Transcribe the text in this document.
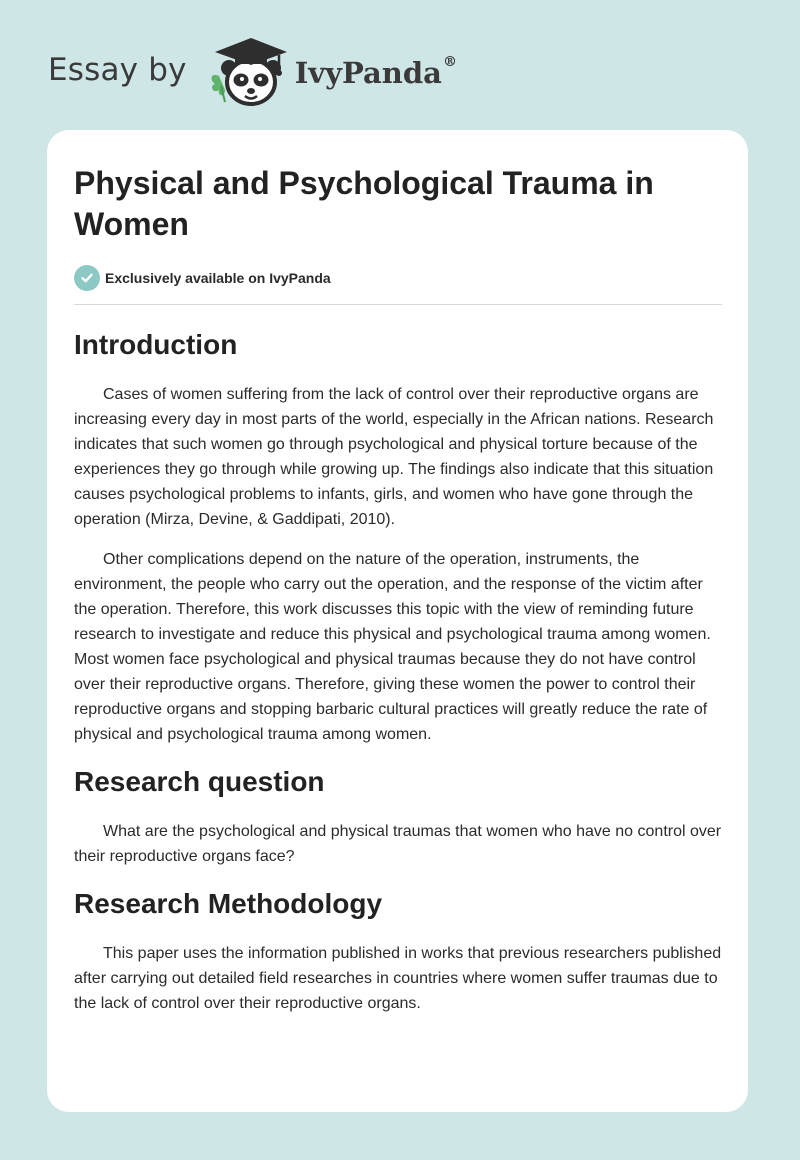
Essay by	IvyPanda®
Physical and Psychological Trauma in Women
Exclusively available on IvyPanda
Introduction

Cases of women suffering from the lack of control over their reproductive organs are increasing every day in most parts of the world, especially in the African nations. Research indicates that such women go through psychological and physical torture because of the experiences they go through while growing up. The findings also indicate that this situation causes psychological problems to infants, girls, and women who have gone through the operation (Mirza, Devine, & Gaddipati, 2010).

Other complications depend on the nature of the operation, instruments, the environment, the people who carry out the operation, and the response of the victim after the operation. Therefore, this work discusses this topic with the view of reminding future research to investigate and reduce this physical and psychological trauma among women. Most women face psychological and physical traumas because they do not have control over their reproductive organs. Therefore, giving these women the power to control their reproductive organs and stopping barbaric cultural practices will greatly reduce the rate of physical and psychological trauma among women.

Research question

What are the psychological and physical traumas that women who have no control over their reproductive organs face?

Research Methodology

This paper uses the information published in works that previous researchers published after carrying out detailed field researches in countries where women suffer traumas due to the lack of control over their reproductive organs.
